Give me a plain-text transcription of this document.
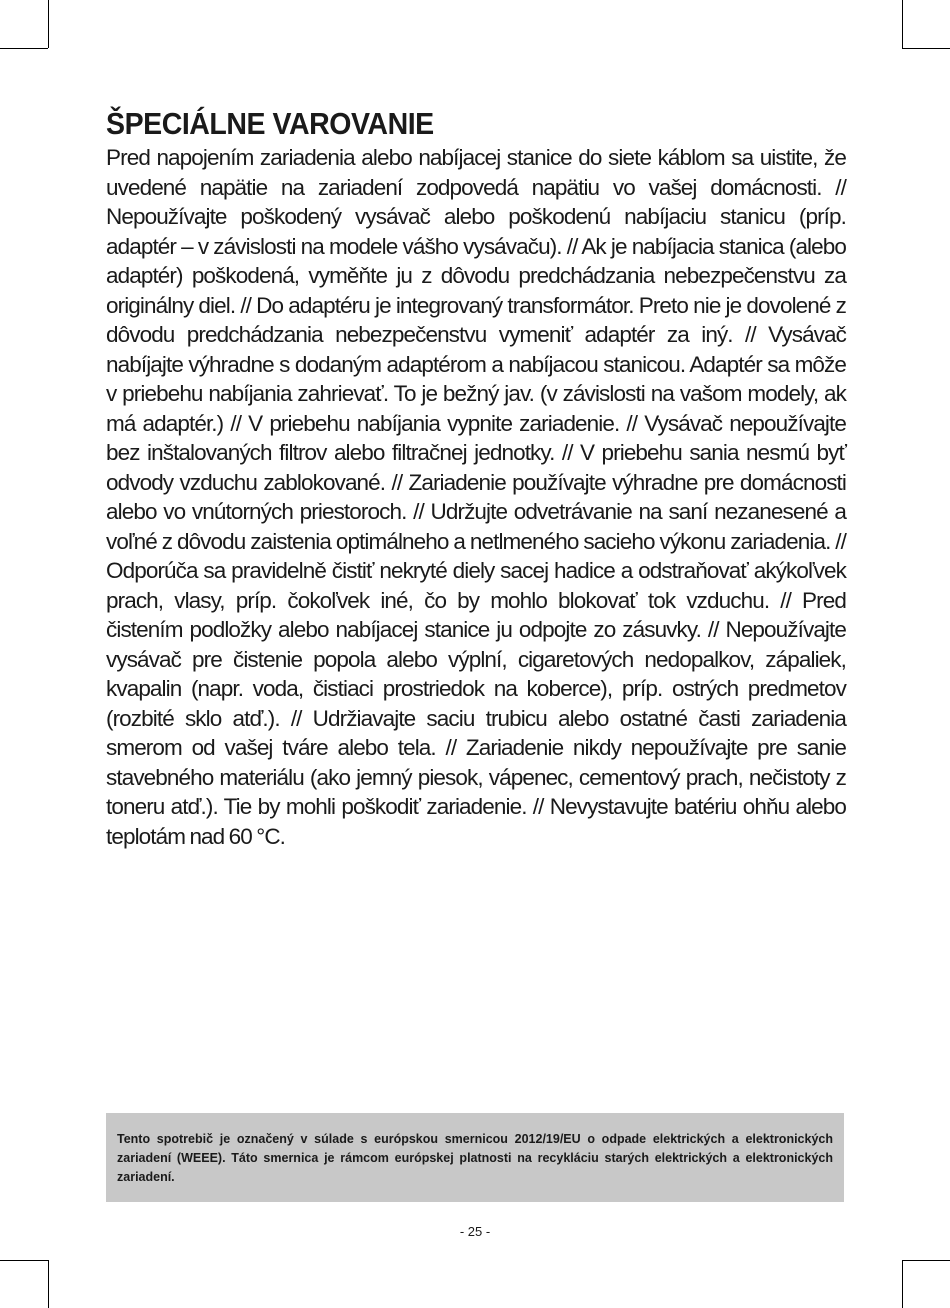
ŠPECIÁLNE VAROVANIE

Pred napojením zariadenia alebo nabíjacej stanice do siete káblom sa uistite, že uvedené napätie na zariadení zodpovedá napätiu vo vašej domácnosti. // Nepoužívajte poškodený vysávač alebo poškodenú nabíjaciu stanicu (príp. adaptér – v závislosti na modele vášho vysávaču). // Ak je nabíjacia stanica (alebo adaptér) poškodená, vyměňte ju z dôvodu predchádzania nebezpečenstvu za originálny diel. // Do adaptéru je integrovaný transformátor. Preto nie je dovolené z dôvodu predchádzania nebezpečenstvu vymeniť adaptér za iný. // Vysávač nabíjajte výhradne s dodaným adaptérom a nabíjacou stanicou. Adaptér sa môže v priebehu nabíjania zahrievať. To je bežný jav. (v závislosti na vašom modely, ak má adaptér.) // V priebehu nabíjania vypnite zariadenie. // Vysávač nepoužívajte bez inštalovaných filtrov alebo filtračnej jednotky. // V priebehu sania nesmú byť odvody vzduchu zablokované. // Zariadenie používajte výhradne pre domácnosti alebo vo vnútorných priestoroch. // Udržujte odvetrávanie na saní nezanesené a voľné z dôvodu zaistenia optimálneho a netlmeného sacieho výkonu zariadenia. // Odporúča sa pravidelně čistiť nekryté diely sacej hadice a odstraňovať akýkoľvek prach, vlasy, príp. čokoľvek iné, čo by mohlo blokovať tok vzduchu. // Pred čistením podložky alebo nabíjacej stanice ju odpojte zo zásuvky. // Nepoužívajte vysávač pre čistenie popola alebo výplní, cigaretových nedopalkov, zápaliek, kvapalin (napr. voda, čistiaci prostriedok na koberce), príp. ostrých predmetov (rozbité sklo atď.). // Udržiavajte saciu trubicu alebo ostatné časti zariadenia smerom od vašej tváre alebo tela. // Zariadenie nikdy nepoužívajte pre sanie stavebného materiálu (ako jemný piesok, vápenec, cementový prach, nečistoty z toneru atď.). Tie by mohli poškodiť zariadenie. // Nevystavujte batériu ohňu alebo teplotám nad 60 °C.

Tento spotrebič je označený v súlade s európskou smernicou 2012/19/EU o odpade elektrických a elektronických zariadení (WEEE). Táto smernica je rámcom európskej platnosti na recykláciu starých elektrických a elektronických zariadení.

- 25 -
